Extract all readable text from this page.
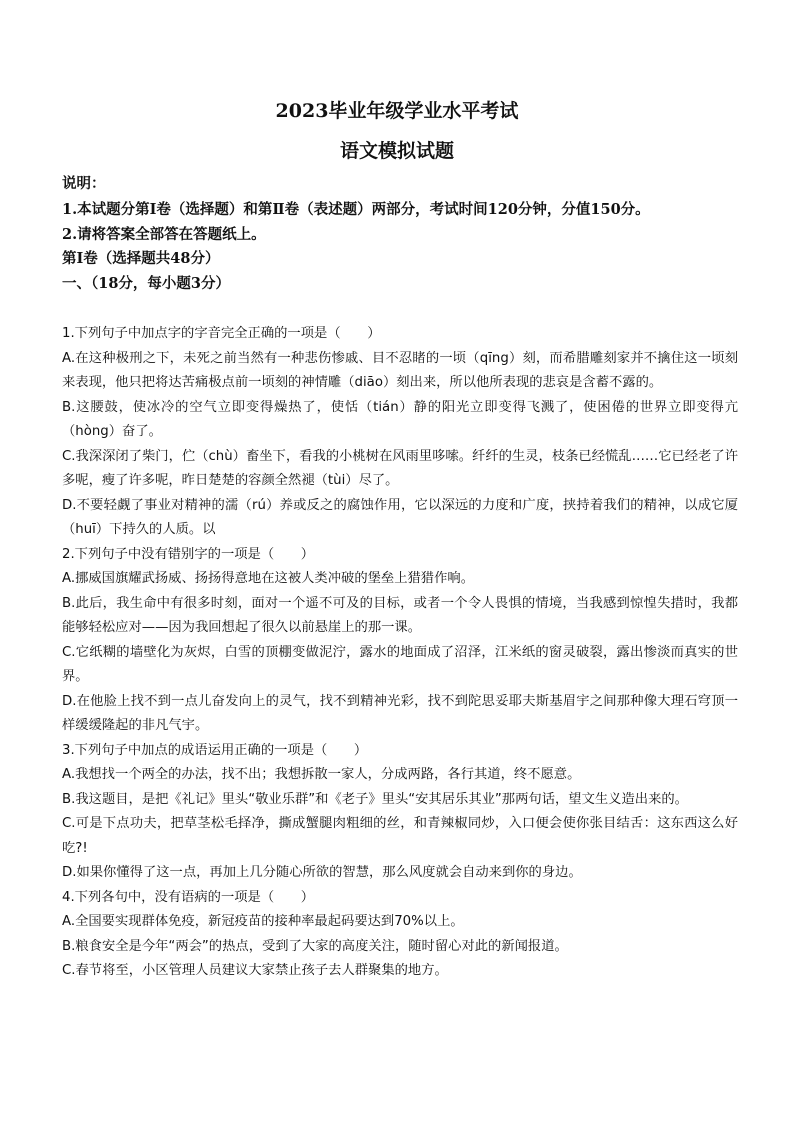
2023毕业年级学业水平考试
语文模拟试题
说明：
1.本试题分第Ⅰ卷（选择题）和第Ⅱ卷（表述题）两部分，考试时间120分钟，分值150分。
2.请将答案全部答在答题纸上。
第Ⅰ卷（选择题共48分）
一、（18分，每小题3分）

1.下列句子中加点字的字音完全正确的一项是（　　）

A.在这种极刑之下，未死之前当然有一种悲伤惨戚、目不忍睹的一顷（qīng）刻，而希腊雕刻家并不擒住这一顷刻来表现，他只把将达苦痛极点前一顷刻的神情雕（diāo）刻出来，所以他所表现的悲哀是含蓄不露的。

B.这腰鼓，使冰冷的空气立即变得燥热了，使恬（tián）静的阳光立即变得飞溅了，使困倦的世界立即变得亢（hòng）奋了。

C.我深深闭了柴门，伫（chù）畜坐下，看我的小桃树在风雨里哆嗦。纤纤的生灵，枝条已经慌乱……它已经老了许多呢，瘦了许多呢，昨日楚楚的容颜全然褪（tùi）尽了。

D.不要轻觑了事业对精神的濡（rú）养或反之的腐蚀作用，它以深远的力度和广度，挟持着我们的精神，以成它厦（huī）下持久的人质。以

2.下列句子中没有错别字的一项是（　　）

A.挪威国旗耀武扬威、扬扬得意地在这被人类冲破的堡垒上猎猎作响。

B.此后，我生命中有很多时刻，面对一个遥不可及的目标，或者一个令人畏惧的情境，当我感到惊惶失措时，我都能够轻松应对——因为我回想起了很久以前悬崖上的那一课。

C.它纸糊的墙壁化为灰烬，白雪的顶棚变做泥泞，露水的地面成了沼泽，江米纸的窗灵破裂，露出惨淡而真实的世界。

D.在他脸上找不到一点儿奋发向上的灵气，找不到精神光彩，找不到陀思妥耶夫斯基眉宇之间那种像大理石穹顶一样缓缓隆起的非凡气宇。

3.下列句子中加点的成语运用正确的一项是（　　）

A.我想找一个两全的办法，找不出；我想拆散一家人，分成两路，各行其道，终不愿意。

B.我这题目，是把《礼记》里头“敬业乐群”和《老子》里头“安其居乐其业”那两句话，望文生义造出来的。

C.可是下点功夫，把草茎松毛择净，撕成蟹腿肉粗细的丝，和青辣椒同炒，入口便会使你张目结舌：这东西这么好吃?!

D.如果你懂得了这一点，再加上几分随心所欲的智慧，那么风度就会自动来到你的身边。

4.下列各句中，没有语病的一项是（　　）

A.全国要实现群体免疫，新冠疫苗的接种率最起码要达到70%以上。

B.粮食安全是今年“两会”的热点，受到了大家的高度关注，随时留心对此的新闻报道。

C.春节将至，小区管理人员建议大家禁止孩子去人群聚集的地方。
